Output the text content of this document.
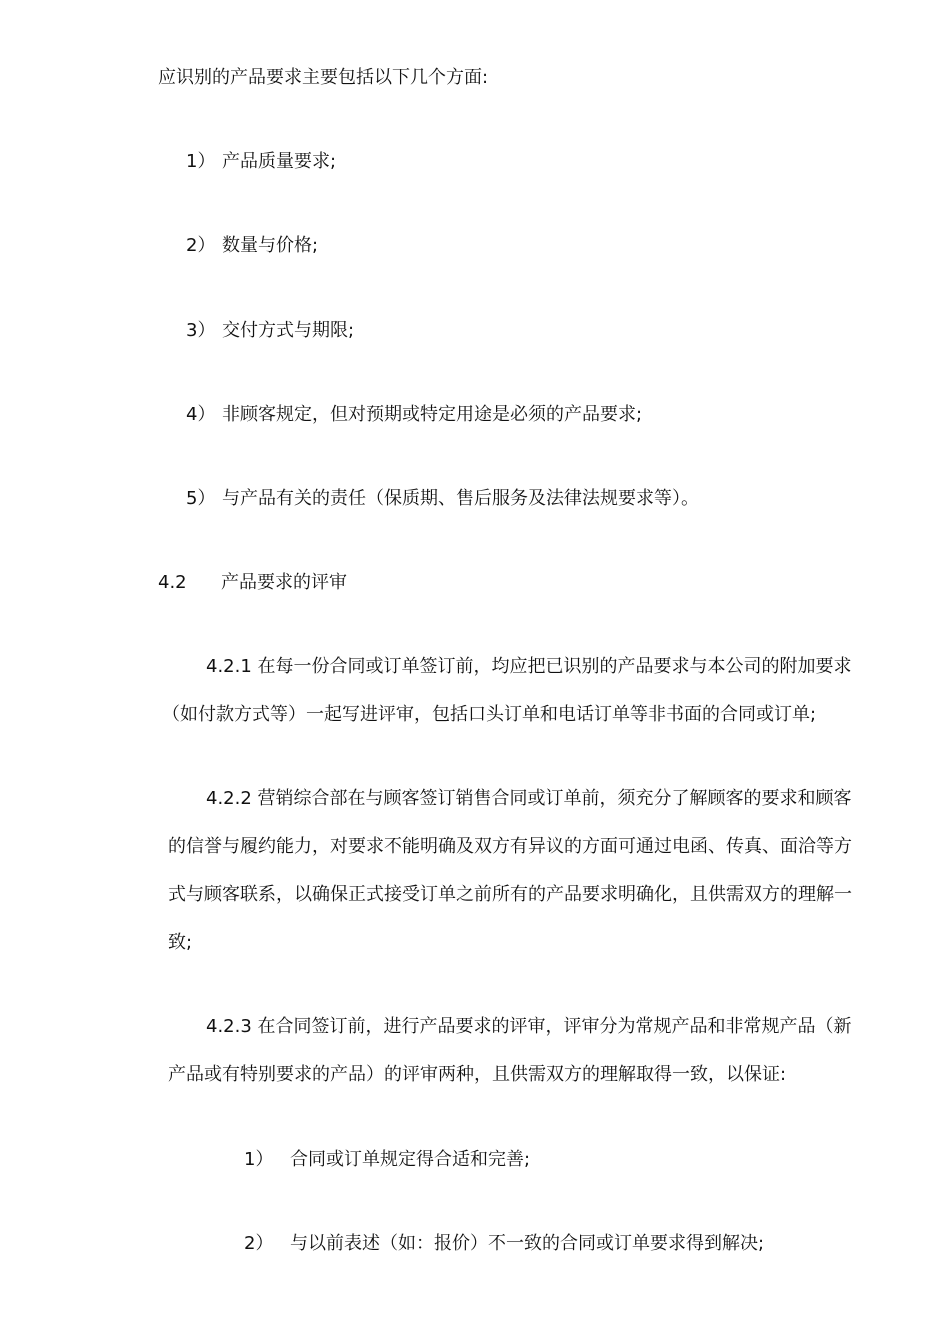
应识别的产品要求主要包括以下几个方面:
1） 产品质量要求;
2） 数量与价格;
3） 交付方式与期限;
4） 非顾客规定，但对预期或特定用途是必须的产品要求;
5） 与产品有关的责任（保质期、售后服务及法律法规要求等）。
4.2 产品要求的评审
4.2.1 在每一份合同或订单签订前，均应把已识别的产品要求与本公司的附加要求
（如付款方式等）一起写进评审，包括口头订单和电话订单等非书面的合同或订单;
4.2.2 营销综合部在与顾客签订销售合同或订单前，须充分了解顾客的要求和顾客
的信誉与履约能力，对要求不能明确及双方有异议的方面可通过电函、传真、面洽等方
式与顾客联系，以确保正式接受订单之前所有的产品要求明确化，且供需双方的理解一
致;
4.2.3 在合同签订前，进行产品要求的评审，评审分为常规产品和非常规产品（新
产品或有特别要求的产品）的评审两种，且供需双方的理解取得一致，以保证:
1） 合同或订单规定得合适和完善;
2） 与以前表述（如：报价）不一致的合同或订单要求得到解决;
